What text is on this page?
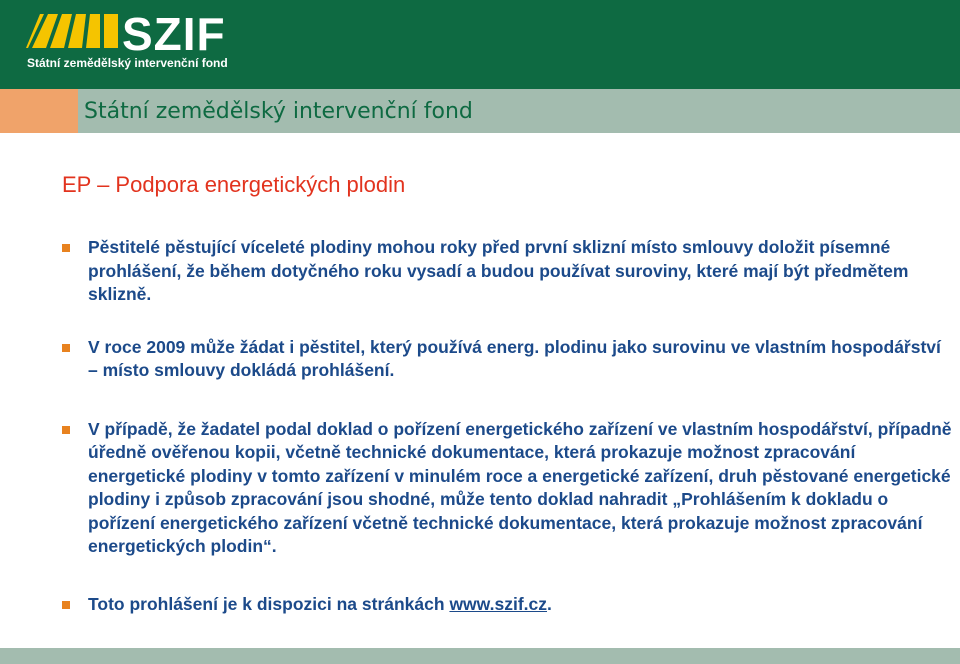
SZIF
Státní zemědělský intervenční fond
Státní zemědělský intervenční fond
EP – Podpora energetických plodin
Pěstitelé pěstující víceleté plodiny mohou roky před první sklizní místo smlouvy doložit písemné prohlášení, že během dotyčného roku vysadí a budou používat suroviny, které mají být předmětem sklizně.
V roce 2009 může žádat i pěstitel, který používá energ. plodinu jako surovinu ve vlastním hospodářství – místo smlouvy dokládá prohlášení.
V případě, že žadatel podal doklad o pořízení energetického zařízení ve vlastním hospodářství, případně úředně ověřenou kopii, včetně technické dokumentace, která prokazuje možnost zpracování energetické plodiny v tomto zařízení v minulém roce a energetické zařízení, druh pěstované energetické plodiny i způsob zpracování jsou shodné, může tento doklad nahradit „Prohlášením k dokladu o pořízení energetického zařízení včetně technické dokumentace, která prokazuje možnost zpracování energetických plodin“.
Toto prohlášení je k dispozici na stránkách www.szif.cz.
